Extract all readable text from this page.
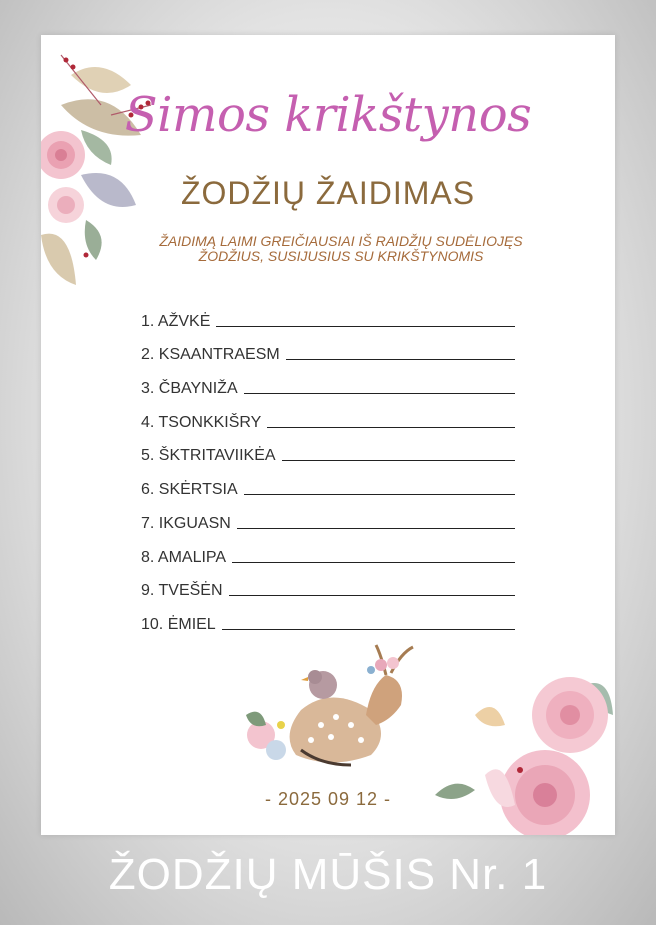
Simos krikštynos
ŽODŽIŲ ŽAIDIMAS
ŽAIDIMĄ LAIMI GREIČIAUSIAI IŠ RAIDŽIŲ SUDĖLIOJĘS
ŽODŽIUS, SUSIJUSIUS SU KRIKŠTYNOMIS
1. AŽVKĖ
2. KSAANTRAESM
3. ČBAYNIŽA
4. TSONKKIŠRY
5. ŠKTRITAVIIKĖA
6. SKĖRTSIA
7. IKGUASN
8. AMALIPA
9. TVEŠĖN
10. ĖMIEL
- 2025 09 12 -
ŽODŽIŲ MŪŠIS Nr. 1
